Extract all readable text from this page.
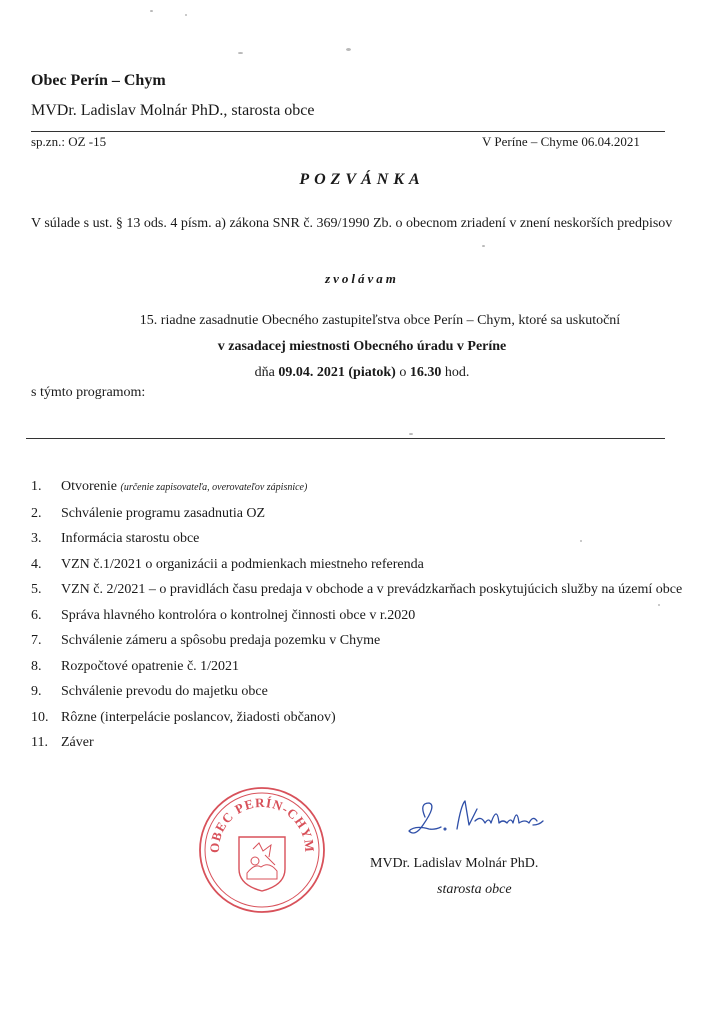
Obec Perín – Chym
MVDr. Ladislav Molnár PhD., starosta obce
sp.zn.: OZ -15	V Períne – Chyme 06.04.2021
POZVÁNKA
V súlade s ust. § 13 ods. 4 písm. a) zákona SNR č. 369/1990 Zb. o obecnom zriadení v znení neskorších predpisov
zvolávam
15. riadne zasadnutie Obecného zastupiteľstva obce Perín – Chym, ktoré sa uskutoční
v zasadacej miestnosti Obecného úradu v Períne
dňa 09.04. 2021 (piatok) o 16.30 hod.
s týmto programom:
1. Otvorenie (určenie zapisovateľa, overovateľov zápisnice)
2. Schválenie programu zasadnutia OZ
3. Informácia starostu obce
4. VZN č.1/2021 o organizácii a podmienkach miestneho referenda
5. VZN č. 2/2021 – o pravidlách času predaja v obchode a v prevádzkarňach poskytujúcich služby na území obce
6. Správa hlavného kontrolóra o kontrolnej činnosti obce v r.2020
7. Schválenie zámeru a spôsobu predaja pozemku v Chyme
8. Rozpočtové opatrenie č. 1/2021
9. Schválenie prevodu do majetku obce
10. Rôzne (interpelácie poslancov, žiadosti občanov)
11. Záver
OBEC PERÍN-CHYM
MVDr. Ladislav Molnár PhD.
starosta obce
